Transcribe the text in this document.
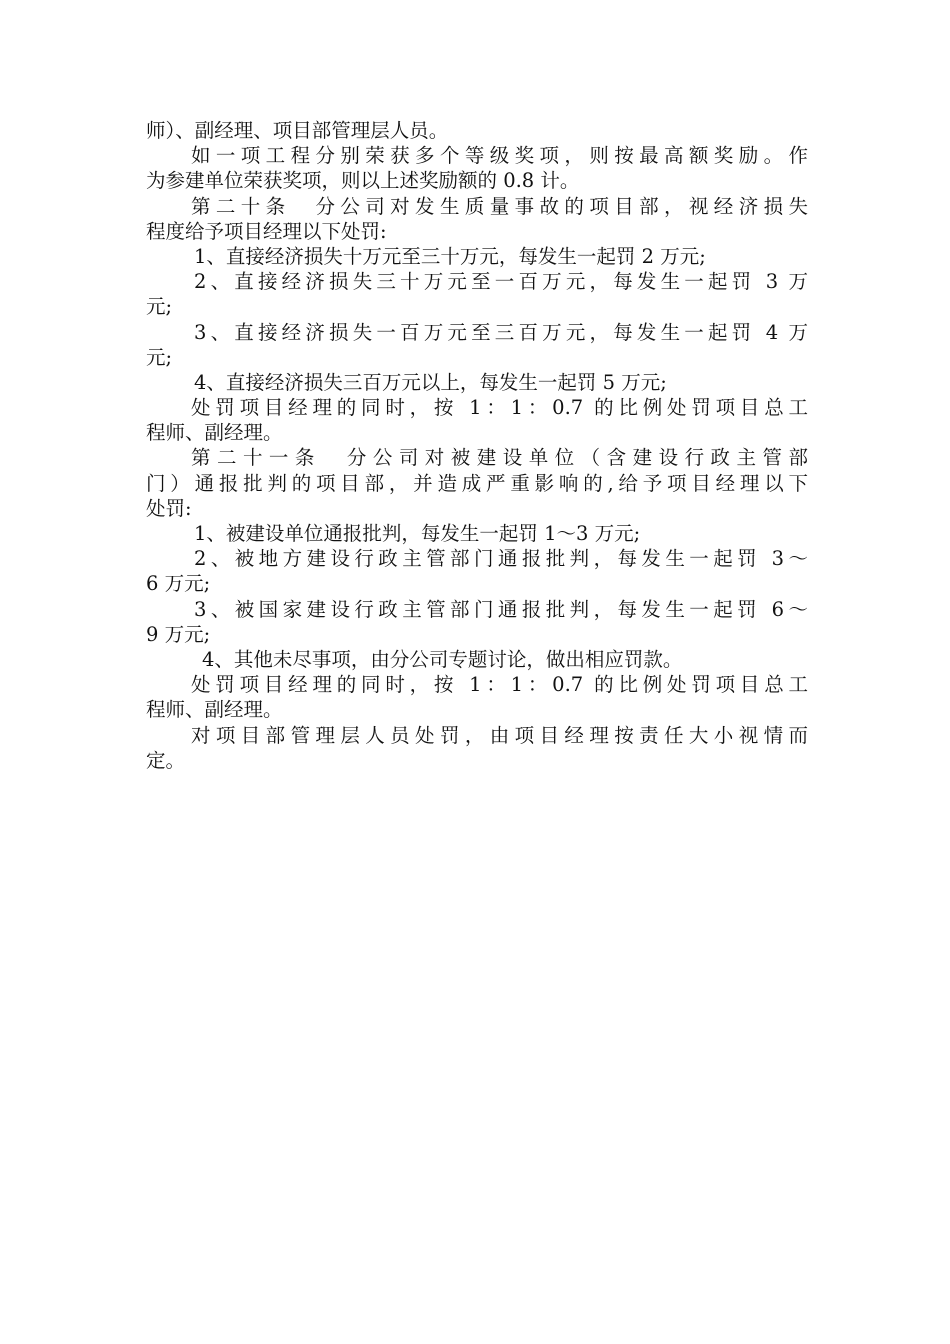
师）、副经理、项目部管理层人员。
如一项工程分别荣获多个等级奖项，则按最高额奖励。作
为参建单位荣获奖项，则以上述奖励额的 0.8 计。
第二十条　分公司对发生质量事故的项目部，视经济损失
程度给予项目经理以下处罚:
1、直接经济损失十万元至三十万元，每发生一起罚 2 万元;
2、直接经济损失三十万元至一百万元，每发生一起罚 3 万
元;
3、直接经济损失一百万元至三百万元，每发生一起罚 4 万
元;
4、直接经济损失三百万元以上，每发生一起罚 5 万元;
处罚项目经理的同时，按 1：1：0.7 的比例处罚项目总工
程师、副经理。
第二十一条　分公司对被建设单位（含建设行政主管部
门）通报批判的项目部，并造成严重影响的,给予项目经理以下
处罚:
1、被建设单位通报批判，每发生一起罚 1～3 万元;
2、被地方建设行政主管部门通报批判，每发生一起罚 3～
6 万元;
3、被国家建设行政主管部门通报批判，每发生一起罚 6～
9 万元;
4、其他未尽事项，由分公司专题讨论，做出相应罚款。
处罚项目经理的同时，按 1：1：0.7 的比例处罚项目总工
程师、副经理。
对项目部管理层人员处罚，由项目经理按责任大小视情而
定。
